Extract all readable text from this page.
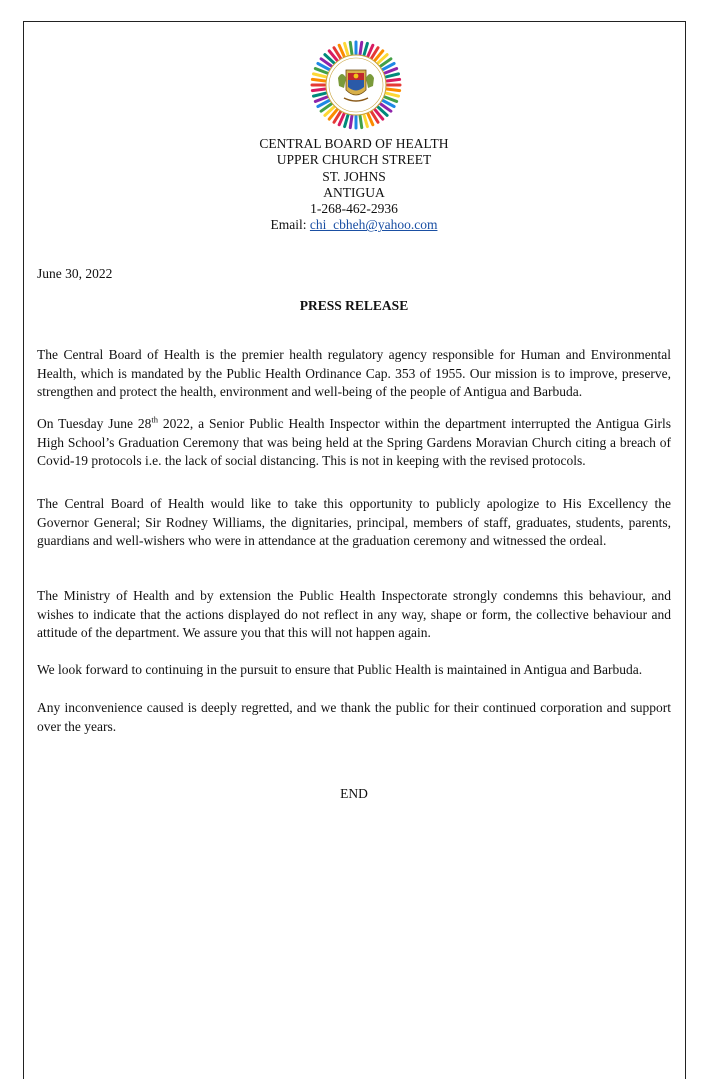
CENTRAL BOARD OF HEALTH
UPPER CHURCH STREET
ST. JOHNS
ANTIGUA
1-268-462-2936
Email: chi_cbheh@yahoo.com
June 30, 2022
PRESS RELEASE

The Central Board of Health is the premier health regulatory agency responsible for Human and Environmental Health, which is mandated by the Public Health Ordinance Cap. 353 of 1955. Our mission is to improve, preserve, strengthen and protect the health, environment and well-being of the people of Antigua and Barbuda.

On Tuesday June 28th 2022, a Senior Public Health Inspector within the department interrupted the Antigua Girls High School’s Graduation Ceremony that was being held at the Spring Gardens Moravian Church citing a breach of Covid-19 protocols i.e. the lack of social distancing. This is not in keeping with the revised protocols.

The Central Board of Health would like to take this opportunity to publicly apologize to His Excellency the Governor General; Sir Rodney Williams, the dignitaries, principal, members of staff, graduates, students, parents, guardians and well-wishers who were in attendance at the graduation ceremony and witnessed the ordeal.

The Ministry of Health and by extension the Public Health Inspectorate strongly condemns this behaviour, and wishes to indicate that the actions displayed do not reflect in any way, shape or form, the collective behaviour and attitude of the department. We assure you that this will not happen again.

We look forward to continuing in the pursuit to ensure that Public Health is maintained in Antigua and Barbuda.

Any inconvenience caused is deeply regretted, and we thank the public for their continued corporation and support over the years.

END
